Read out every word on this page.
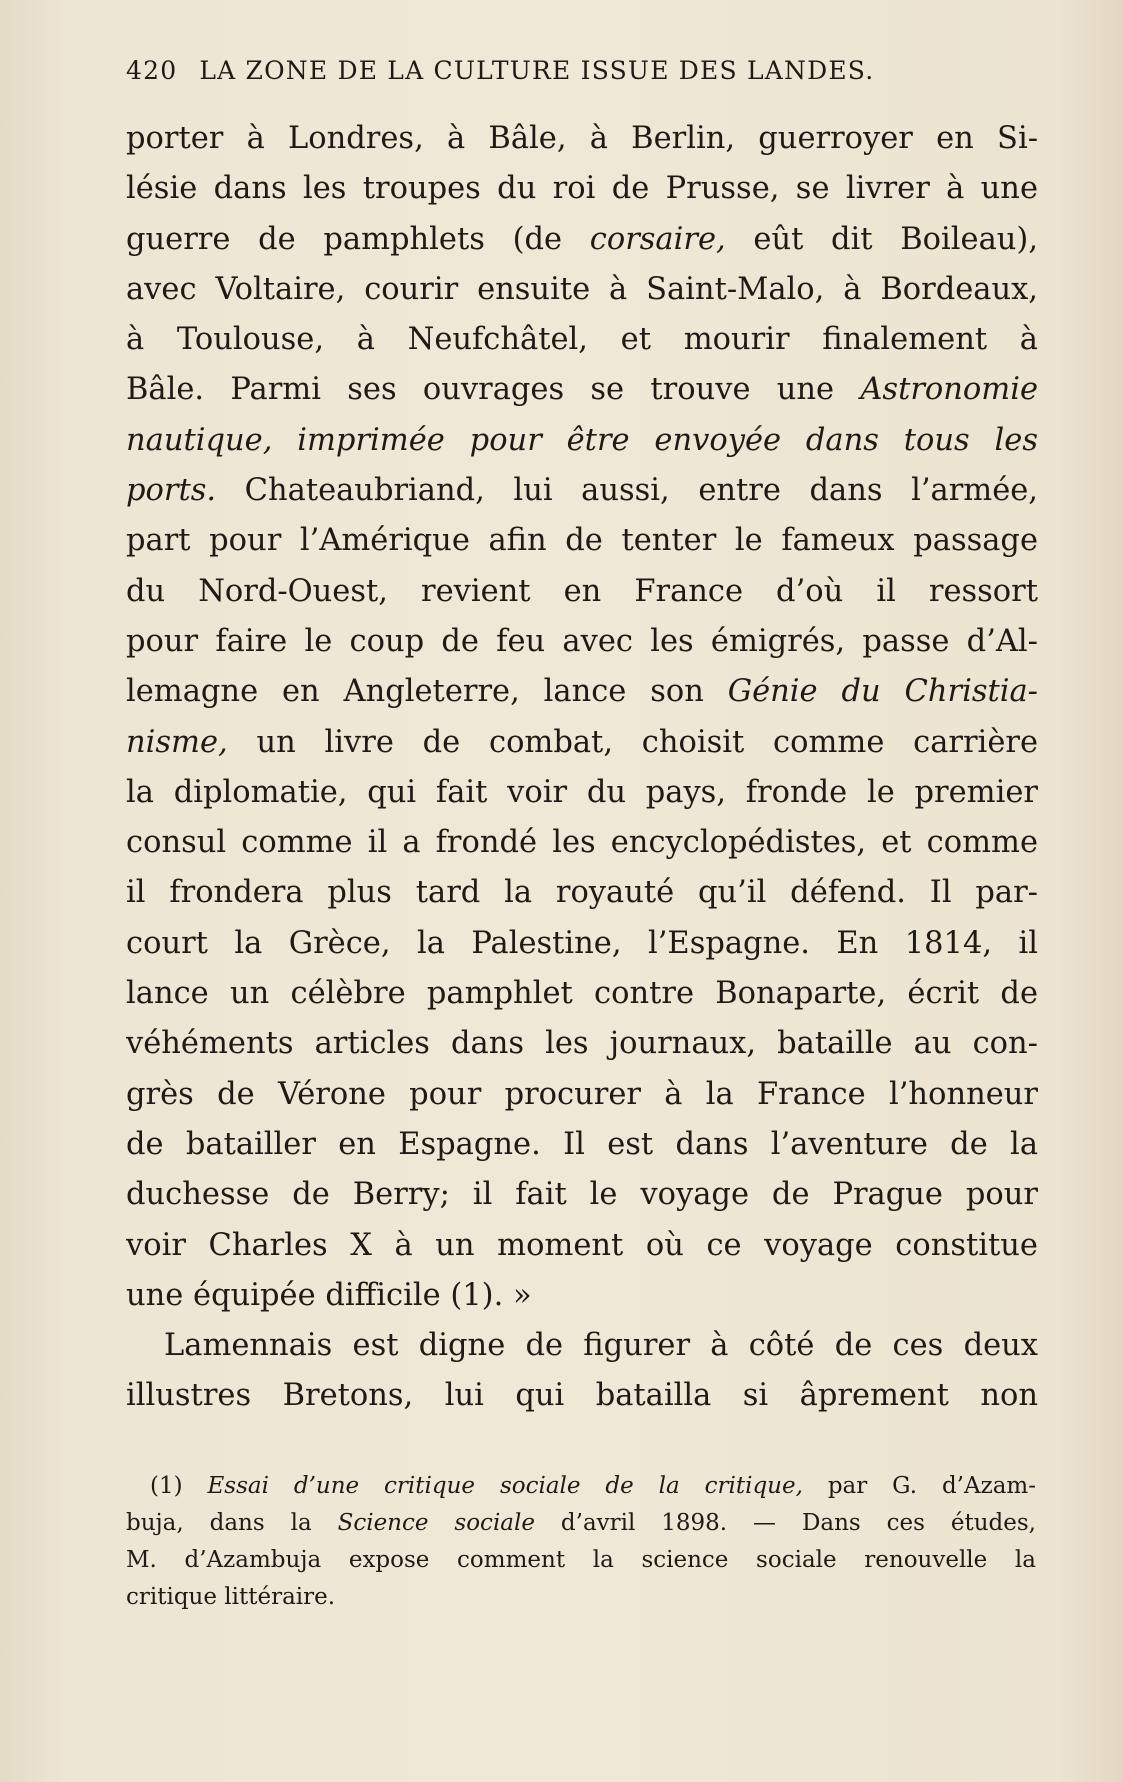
420 LA ZONE DE LA CULTURE ISSUE DES LANDES.
porter à Londres, à Bâle, à Berlin, guerroyer en Si-
lésie dans les troupes du roi de Prusse, se livrer à une
guerre de pamphlets (de corsaire, eût dit Boileau),
avec Voltaire, courir ensuite à Saint-Malo, à Bordeaux,
à Toulouse, à Neufchâtel, et mourir finalement à
Bâle. Parmi ses ouvrages se trouve une Astronomie
nautique, imprimée pour être envoyée dans tous les
ports. Chateaubriand, lui aussi, entre dans l’armée,
part pour l’Amérique afin de tenter le fameux passage
du Nord-Ouest, revient en France d’où il ressort
pour faire le coup de feu avec les émigrés, passe d’Al-
lemagne en Angleterre, lance son Génie du Christia-
nisme, un livre de combat, choisit comme carrière
la diplomatie, qui fait voir du pays, fronde le premier
consul comme il a frondé les encyclopédistes, et comme
il frondera plus tard la royauté qu’il défend. Il par-
court la Grèce, la Palestine, l’Espagne. En 1814, il
lance un célèbre pamphlet contre Bonaparte, écrit de
véhéments articles dans les journaux, bataille au con-
grès de Vérone pour procurer à la France l’honneur
de batailler en Espagne. Il est dans l’aventure de la
duchesse de Berry; il fait le voyage de Prague pour
voir Charles X à un moment où ce voyage constitue
une équipée difficile (1). »
Lamennais est digne de figurer à côté de ces deux
illustres Bretons, lui qui batailla si âprement non
(1) Essai d’une critique sociale de la critique, par G. d’Azam-
buja, dans la Science sociale d’avril 1898. — Dans ces études,
M. d’Azambuja expose comment la science sociale renouvelle la
critique littéraire.
